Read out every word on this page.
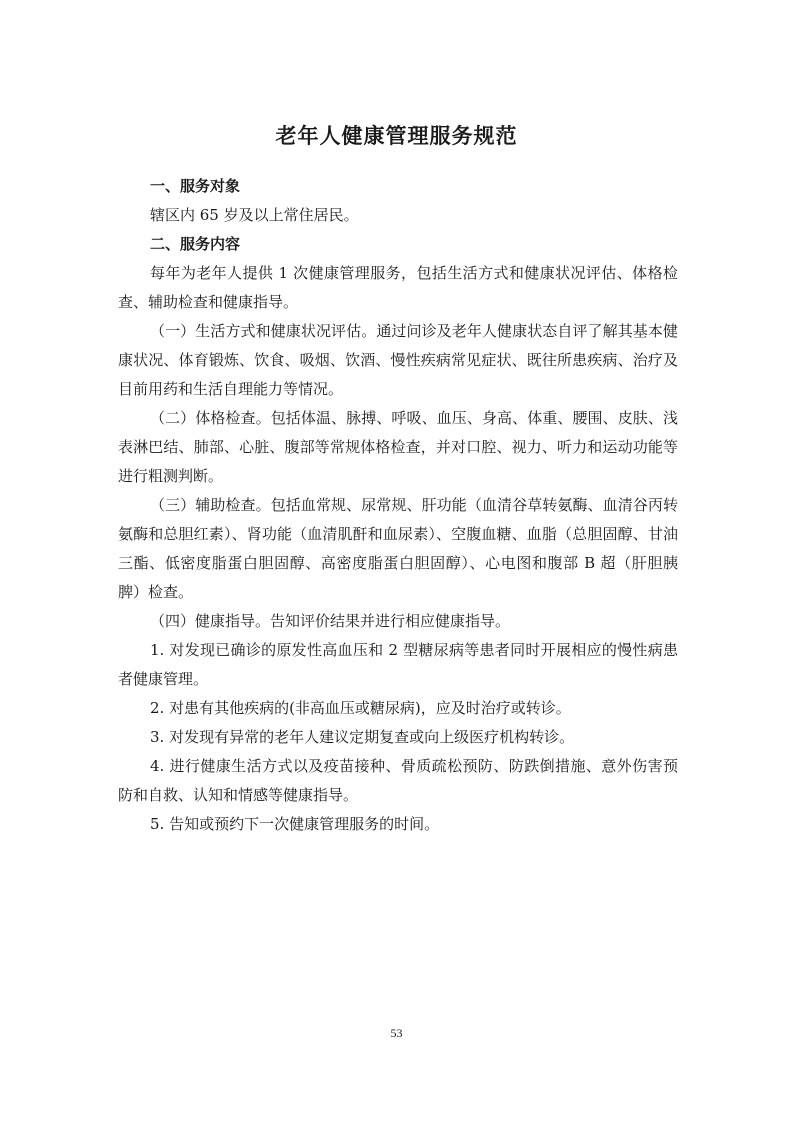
老年人健康管理服务规范

一、服务对象

辖区内 65 岁及以上常住居民。

二、服务内容

每年为老年人提供 1 次健康管理服务，包括生活方式和健康状况评估、体格检查、辅助检查和健康指导。

（一）生活方式和健康状况评估。通过问诊及老年人健康状态自评了解其基本健康状况、体育锻炼、饮食、吸烟、饮酒、慢性疾病常见症状、既往所患疾病、治疗及目前用药和生活自理能力等情况。

（二）体格检查。包括体温、脉搏、呼吸、血压、身高、体重、腰围、皮肤、浅表淋巴结、肺部、心脏、腹部等常规体格检查，并对口腔、视力、听力和运动功能等进行粗测判断。

（三）辅助检查。包括血常规、尿常规、肝功能（血清谷草转氨酶、血清谷丙转氨酶和总胆红素）、肾功能（血清肌酐和血尿素）、空腹血糖、血脂（总胆固醇、甘油三酯、低密度脂蛋白胆固醇、高密度脂蛋白胆固醇）、心电图和腹部 B 超（肝胆胰脾）检查。

（四）健康指导。告知评价结果并进行相应健康指导。

1. 对发现已确诊的原发性高血压和 2 型糖尿病等患者同时开展相应的慢性病患者健康管理。

2. 对患有其他疾病的(非高血压或糖尿病)，应及时治疗或转诊。

3. 对发现有异常的老年人建议定期复查或向上级医疗机构转诊。

4. 进行健康生活方式以及疫苗接种、骨质疏松预防、防跌倒措施、意外伤害预防和自救、认知和情感等健康指导。

5. 告知或预约下一次健康管理服务的时间。

53
